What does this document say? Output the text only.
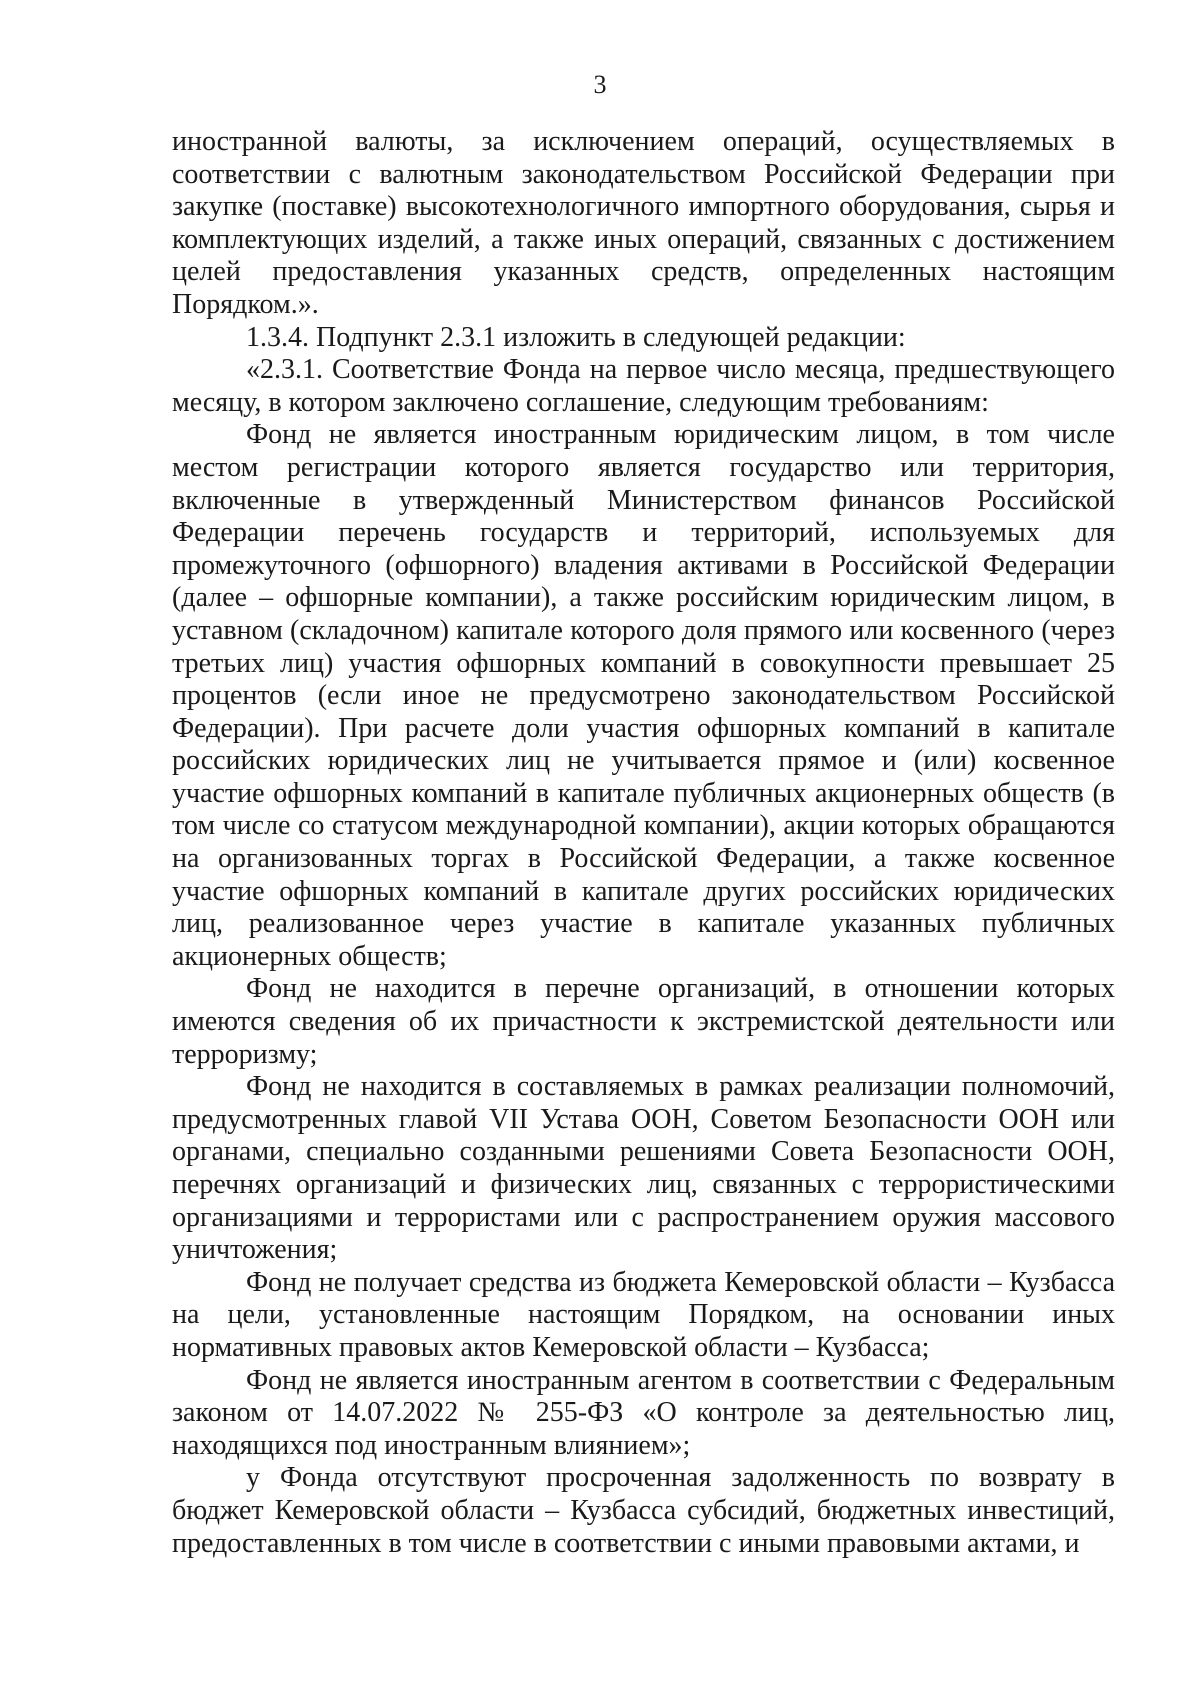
3

иностранной валюты, за исключением операций, осуществляемых в соответствии с валютным законодательством Российской Федерации при закупке (поставке) высокотехнологичного импортного оборудования, сырья и комплектующих изделий, а также иных операций, связанных с достижением целей предоставления указанных средств, определенных настоящим Порядком.».

1.3.4. Подпункт 2.3.1 изложить в следующей редакции:

«2.3.1. Соответствие Фонда на первое число месяца, предшествующего месяцу, в котором заключено соглашение, следующим требованиям:

Фонд не является иностранным юридическим лицом, в том числе местом регистрации которого является государство или территория, включенные в утвержденный Министерством финансов Российской Федерации перечень государств и территорий, используемых для промежуточного (офшорного) владения активами в Российской Федерации (далее – офшорные компании), а также российским юридическим лицом, в уставном (складочном) капитале которого доля прямого или косвенного (через третьих лиц) участия офшорных компаний в совокупности превышает 25 процентов (если иное не предусмотрено законодательством Российской Федерации). При расчете доли участия офшорных компаний в капитале российских юридических лиц не учитывается прямое и (или) косвенное участие офшорных компаний в капитале публичных акционерных обществ (в том числе со статусом международной компании), акции которых обращаются на организованных торгах в Российской Федерации, а также косвенное участие офшорных компаний в капитале других российских юридических лиц, реализованное через участие в капитале указанных публичных акционерных обществ;

Фонд не находится в перечне организаций, в отношении которых имеются сведения об их причастности к экстремистской деятельности или терроризму;

Фонд не находится в составляемых в рамках реализации полномочий, предусмотренных главой VII Устава ООН, Советом Безопасности ООН или органами, специально созданными решениями Совета Безопасности ООН, перечнях организаций и физических лиц, связанных с террористическими организациями и террористами или с распространением оружия массового уничтожения;

Фонд не получает средства из бюджета Кемеровской области – Кузбасса на цели, установленные настоящим Порядком, на основании иных нормативных правовых актов Кемеровской области – Кузбасса;

Фонд не является иностранным агентом в соответствии с Федеральным законом от 14.07.2022 № 255-ФЗ «О контроле за деятельностью лиц, находящихся под иностранным влиянием»;

у Фонда отсутствуют просроченная задолженность по возврату в бюджет Кемеровской области – Кузбасса субсидий, бюджетных инвестиций, предоставленных в том числе в соответствии с иными правовыми актами, и
